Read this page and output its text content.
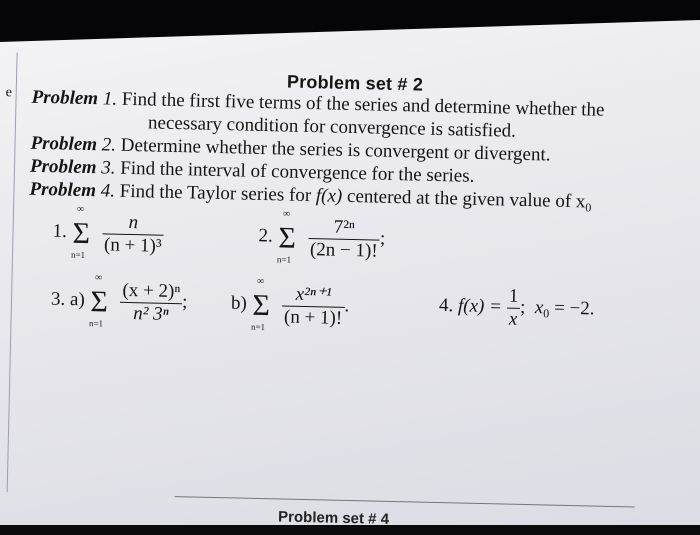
e	Problem set # 2
Problem 1. Find the first five terms of the series and determine whether the
necessary condition for convergence is satisfied.
Problem 2. Determine whether the series is convergent or divergent.
Problem 3. Find the interval of convergence for the series.
Problem 4. Find the Taylor series for f(x) centered at the given value of $x_0$
1.
∞
Σ
n=1
$\frac{n}{\text{(n + 1)³}}$	2.
∞
Σ
n=1
$\frac{\text{7²ⁿ}}{(2n - 1)!}$ ;
3. a)
∞
Σ
n=1
$\frac{\text{(x + 2)ⁿ}}{\text{n² 3ⁿ}}$ ; b)
∞
Σ
n=1
$\frac{\text{x²ⁿ⁺¹}}{(n + 1)!}$ .	4. $f(x) = \frac{1}{x}$ ; $x_0 = -2$.
Problem set # 4
